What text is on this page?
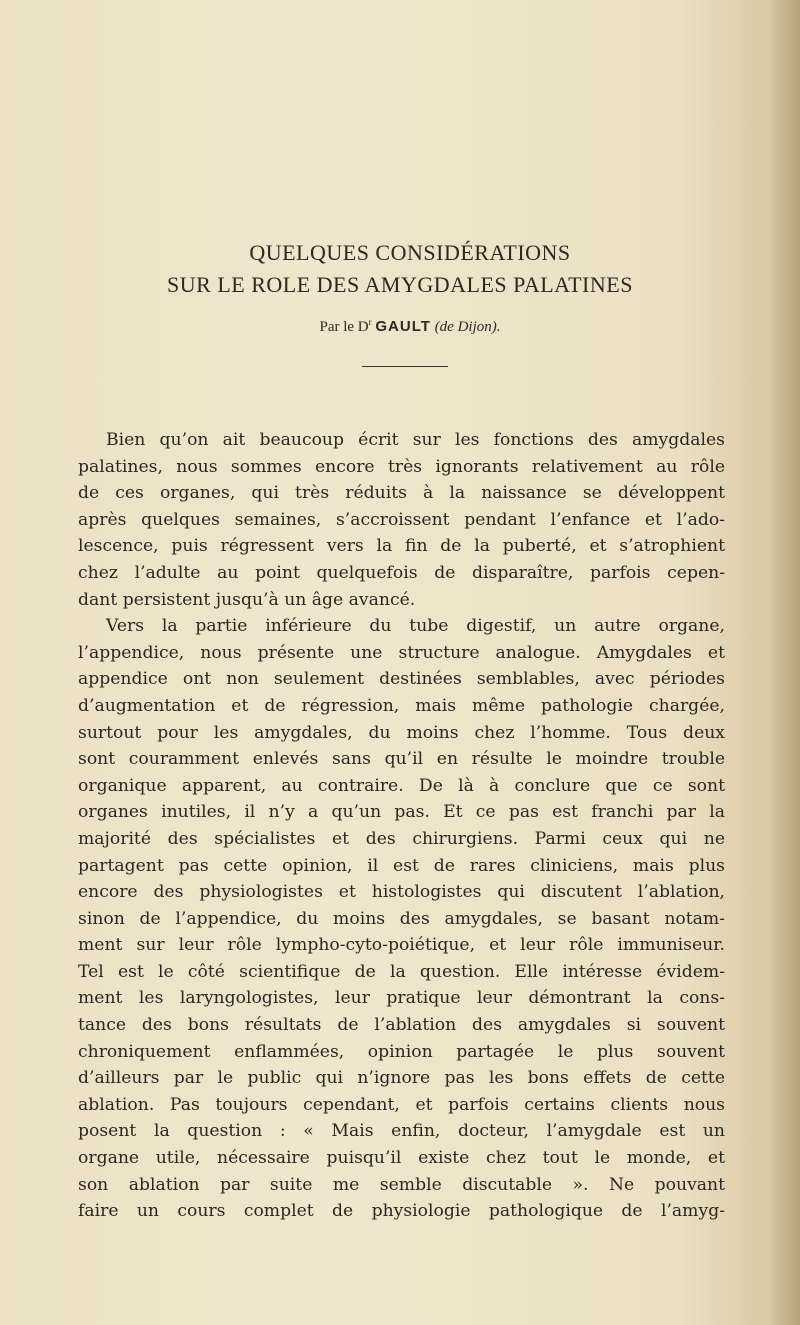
QUELQUES CONSIDÉRATIONS
SUR LE ROLE DES AMYGDALES PALATINES
Par le $D^r$ GAULT (de Dijon).
Bien qu’on ait beaucoup écrit sur les fonctions des amygdales
palatines, nous sommes encore très ignorants relativement au rôle
de ces organes, qui très réduits à la naissance se développent
après quelques semaines, s’accroissent pendant l’enfance et l’ado-
lescence, puis régressent vers la fin de la puberté, et s’atrophient
chez l’adulte au point quelquefois de disparaître, parfois cepen-
dant persistent jusqu’à un âge avancé.
Vers la partie inférieure du tube digestif, un autre organe,
l’appendice, nous présente une structure analogue. Amygdales et
appendice ont non seulement destinées semblables, avec périodes
d’augmentation et de régression, mais même pathologie chargée,
surtout pour les amygdales, du moins chez l’homme. Tous deux
sont couramment enlevés sans qu’il en résulte le moindre trouble
organique apparent, au contraire. De là à conclure que ce sont
organes inutiles, il n’y a qu’un pas. Et ce pas est franchi par la
majorité des spécialistes et des chirurgiens. Parmi ceux qui ne
partagent pas cette opinion, il est de rares cliniciens, mais plus
encore des physiologistes et histologistes qui discutent l’ablation,
sinon de l’appendice, du moins des amygdales, se basant notam-
ment sur leur rôle lympho-cyto-poiétique, et leur rôle immuniseur.
Tel est le côté scientifique de la question. Elle intéresse évidem-
ment les laryngologistes, leur pratique leur démontrant la cons-
tance des bons résultats de l’ablation des amygdales si souvent
chroniquement enflammées, opinion partagée le plus souvent
d’ailleurs par le public qui n’ignore pas les bons effets de cette
ablation. Pas toujours cependant, et parfois certains clients nous
posent la question : « Mais enfin, docteur, l’amygdale est un
organe utile, nécessaire puisqu’il existe chez tout le monde, et
son ablation par suite me semble discutable ». Ne pouvant
faire un cours complet de physiologie pathologique de l’amyg-
